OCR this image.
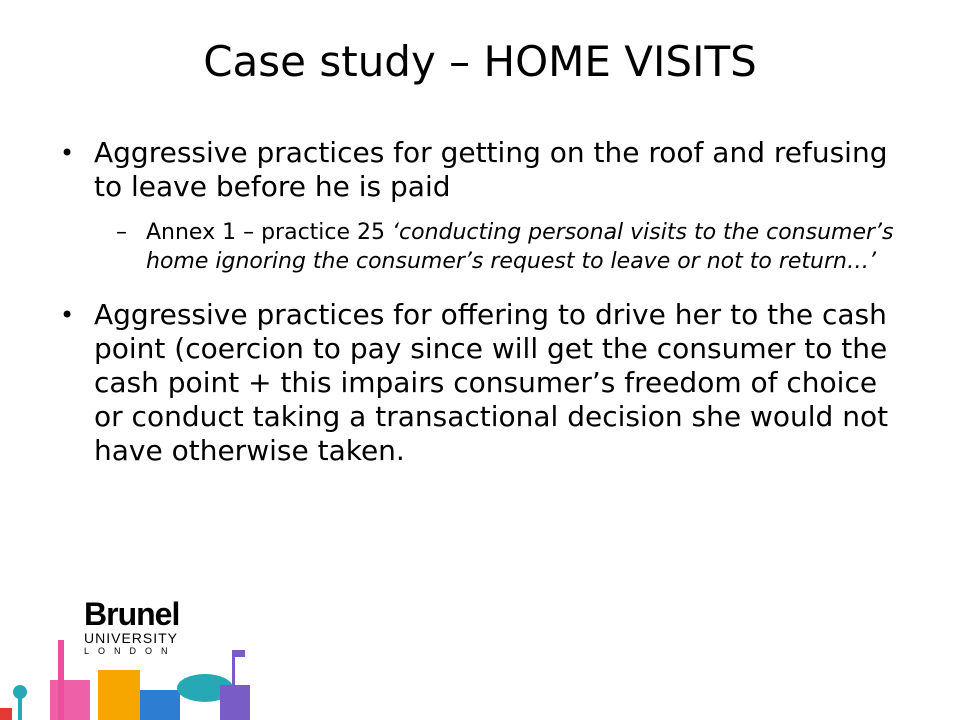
Case study – HOME VISITS
• Aggressive practices for getting on the roof and refusing to leave before he is paid
– Annex 1 – practice 25 ‘conducting personal visits to the consumer’s home ignoring the consumer’s request to leave or not to return…’
• Aggressive practices for offering to drive her to the cash point (coercion to pay since will get the consumer to the cash point + this impairs consumer’s freedom of choice or conduct taking a transactional decision she would not have otherwise taken.
Brunel
UNIVERSITY
LONDON
